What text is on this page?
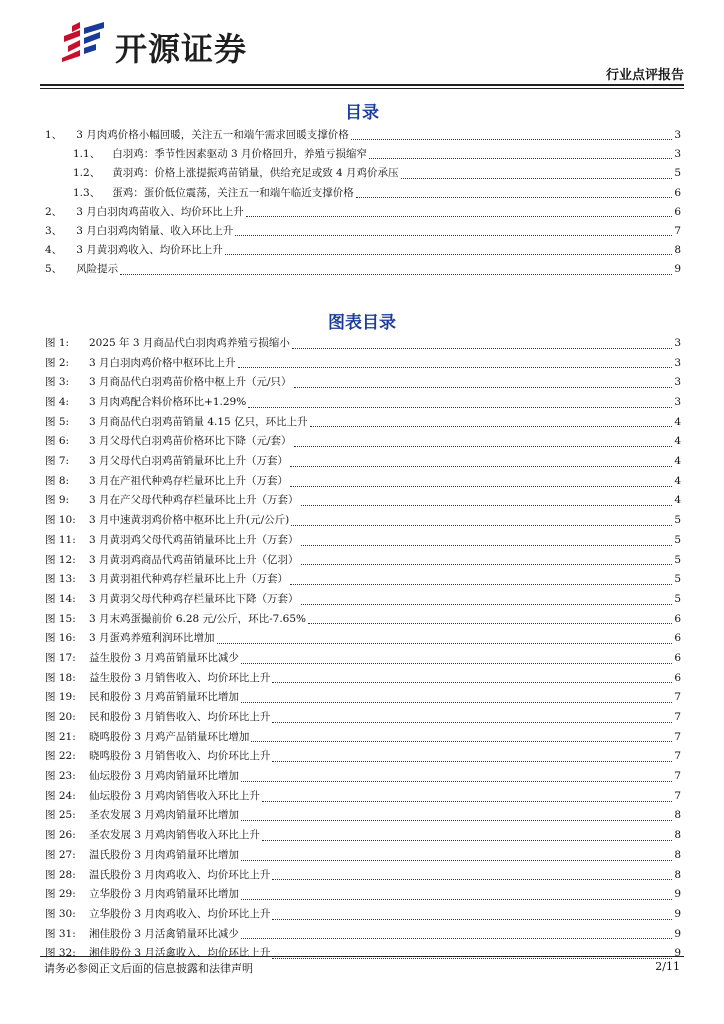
开源证券
行业点评报告
目录
1、 3 月肉鸡价格小幅回暖，关注五一和端午需求回暖支撑价格	3
1.1、 白羽鸡：季节性因素驱动 3 月价格回升，养殖亏损缩窄	3
1.2、 黄羽鸡：价格上涨提振鸡苗销量，供给充足或致 4 月鸡价承压	5
1.3、 蛋鸡：蛋价低位震荡，关注五一和端午临近支撑价格	6
2、 3 月白羽肉鸡苗收入、均价环比上升	6
3、 3 月白羽鸡肉销量、收入环比上升	7
4、 3 月黄羽鸡收入、均价环比上升	8
5、 风险提示	9
图表目录
图 1:	2025 年 3 月商品代白羽肉鸡养殖亏损缩小	3
图 2:	3 月白羽肉鸡价格中枢环比上升	3
图 3:	3 月商品代白羽鸡苗价格中枢上升（元/只）	3
图 4:	3 月肉鸡配合料价格环比+1.29%	3
图 5:	3 月商品代白羽鸡苗销量 4.15 亿只，环比上升	4
图 6:	3 月父母代白羽鸡苗价格环比下降（元/套）	4
图 7:	3 月父母代白羽鸡苗销量环比上升（万套）	4
图 8:	3 月在产祖代种鸡存栏量环比上升（万套）	4
图 9:	3 月在产父母代种鸡存栏量环比上升（万套）	4
图 10:	3 月中速黄羽鸡价格中枢环比上升(元/公斤)	5
图 11:	3 月黄羽鸡父母代鸡苗销量环比上升（万套）	5
图 12:	3 月黄羽鸡商品代鸡苗销量环比上升（亿羽）	5
图 13:	3 月黄羽祖代种鸡存栏量环比上升（万套）	5
图 14:	3 月黄羽父母代种鸡存栏量环比下降（万套）	5
图 15:	3 月末鸡蛋撮前价 6.28 元/公斤，环比-7.65%	6
图 16:	3 月蛋鸡养殖利润环比增加	6
图 17:	益生股份 3 月鸡苗销量环比减少	6
图 18:	益生股份 3 月销售收入、均价环比上升	6
图 19:	民和股份 3 月鸡苗销量环比增加	7
图 20:	民和股份 3 月销售收入、均价环比上升	7
图 21:	晓鸣股份 3 月鸡产品销量环比增加	7
图 22:	晓鸣股份 3 月销售收入、均价环比上升	7
图 23:	仙坛股份 3 月鸡肉销量环比增加	7
图 24:	仙坛股份 3 月鸡肉销售收入环比上升	7
图 25:	圣农发展 3 月鸡肉销量环比增加	8
图 26:	圣农发展 3 月鸡肉销售收入环比上升	8
图 27:	温氏股份 3 月肉鸡销量环比增加	8
图 28:	温氏股份 3 月肉鸡收入、均价环比上升	8
图 29:	立华股份 3 月肉鸡销量环比增加	9
图 30:	立华股份 3 月肉鸡收入、均价环比上升	9
图 31:	湘佳股份 3 月活禽销量环比减少	9
图 32:	湘佳股份 3 月活禽收入、均价环比上升	9
请务必参阅正文后面的信息披露和法律声明	2/11
